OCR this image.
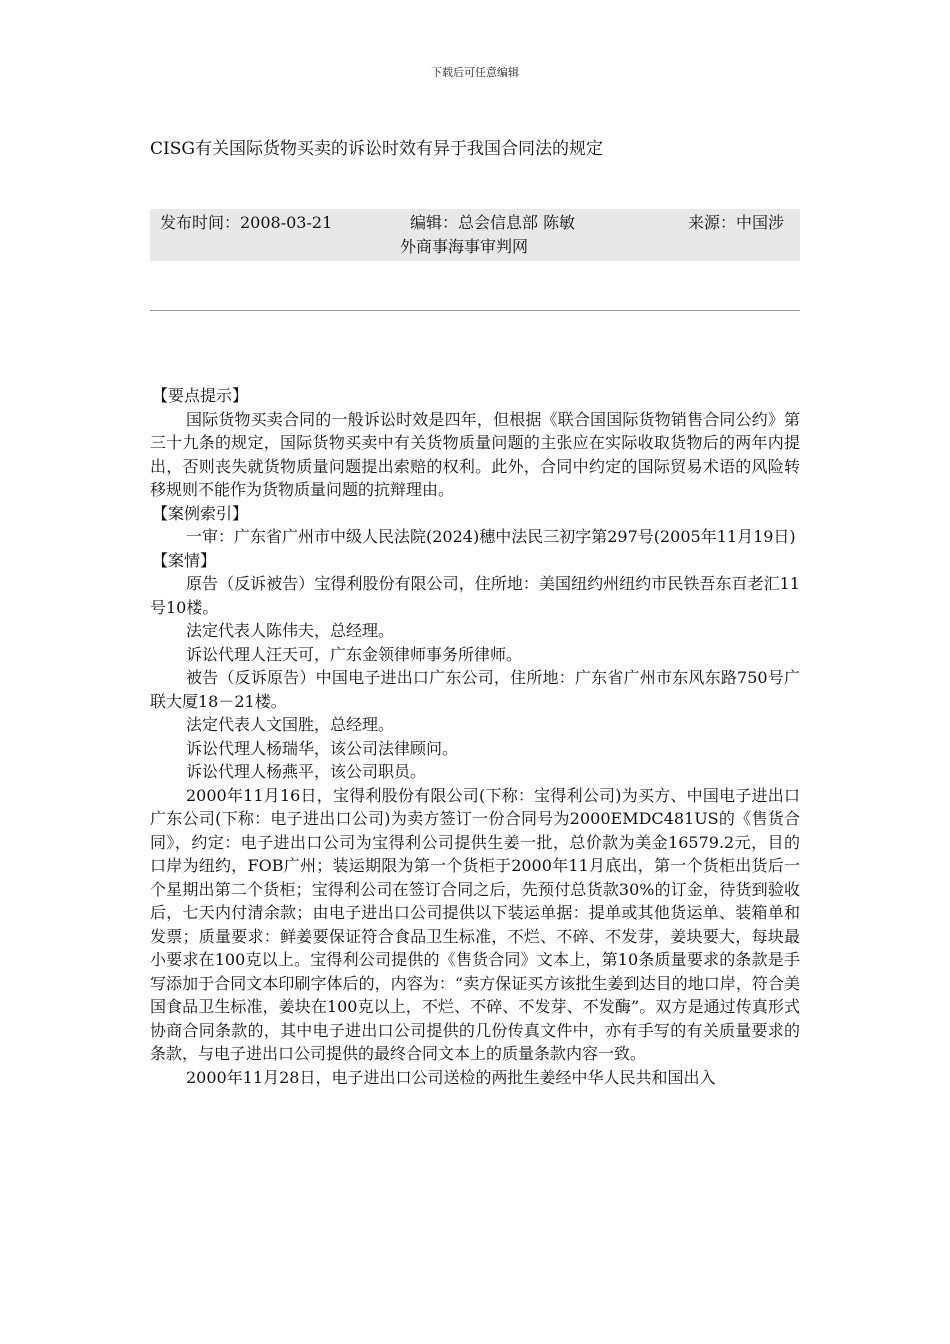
下载后可任意编辑
CISG有关国际货物买卖的诉讼时效有异于我国合同法的规定
发布时间：2008-03-21	编辑：总会信息部 陈敏	来源：中国涉
外商事海事审判网

【要点提示】

国际货物买卖合同的一般诉讼时效是四年，但根据《联合国国际货物销售合同公约》第三十九条的规定，国际货物买卖中有关货物质量问题的主张应在实际收取货物后的两年内提出，否则丧失就货物质量问题提出索赔的权利。此外，合同中约定的国际贸易术语的风险转移规则不能作为货物质量问题的抗辩理由。

【案例索引】

一审：广东省广州市中级人民法院(2024)穗中法民三初字第297号(2005年11月19日)

【案情】

原告（反诉被告）宝得利股份有限公司，住所地：美国纽约州纽约市民铁吾东百老汇11号10楼。

法定代表人陈伟夫，总经理。

诉讼代理人汪天可，广东金领律师事务所律师。

被告（反诉原告）中国电子进出口广东公司，住所地：广东省广州市东风东路750号广联大厦18－21楼。

法定代表人文国胜，总经理。

诉讼代理人杨瑞华，该公司法律顾问。

诉讼代理人杨燕平，该公司职员。

2000年11月16日，宝得利股份有限公司(下称：宝得利公司)为买方、中国电子进出口广东公司(下称：电子进出口公司)为卖方签订一份合同号为2000EMDC481US的《售货合同》，约定：电子进出口公司为宝得利公司提供生姜一批，总价款为美金16579.2元，目的口岸为纽约，FOB广州；装运期限为第一个货柜于2000年11月底出，第一个货柜出货后一个星期出第二个货柜；宝得利公司在签订合同之后，先预付总货款30%的订金，待货到验收后，七天内付清余款；由电子进出口公司提供以下装运单据：提单或其他货运单、装箱单和发票；质量要求：鲜姜要保证符合食品卫生标准，不烂、不碎、不发芽，姜块要大，每块最小要求在100克以上。宝得利公司提供的《售货合同》文本上，第10条质量要求的条款是手写添加于合同文本印刷字体后的，内容为：“卖方保证买方该批生姜到达目的地口岸，符合美国食品卫生标准，姜块在100克以上，不烂、不碎、不发芽、不发酶”。双方是通过传真形式协商合同条款的，其中电子进出口公司提供的几份传真文件中，亦有手写的有关质量要求的条款，与电子进出口公司提供的最终合同文本上的质量条款内容一致。

2000年11月28日，电子进出口公司送检的两批生姜经中华人民共和国出入
